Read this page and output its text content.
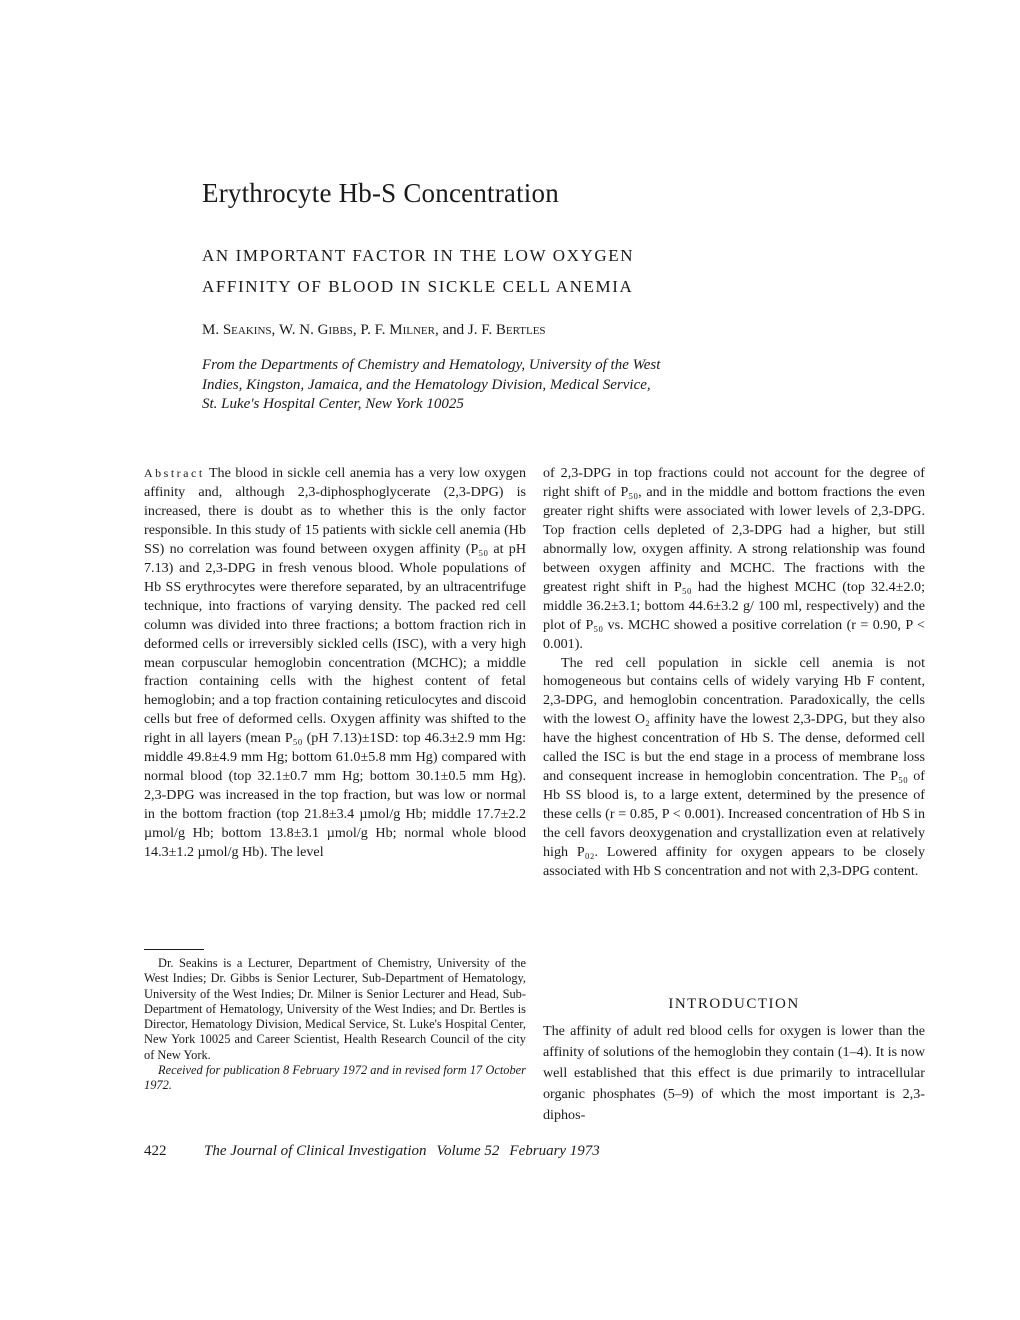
Erythrocyte Hb-S Concentration
AN IMPORTANT FACTOR IN THE LOW OXYGEN
AFFINITY OF BLOOD IN SICKLE CELL ANEMIA

M. Seakins, W. N. Gibbs, P. F. Milner, and J. F. Bertles

From the Departments of Chemistry and Hematology, University of the West
Indies, Kingston, Jamaica, and the Hematology Division, Medical Service,
St. Luke's Hospital Center, New York 10025

Abstract The blood in sickle cell anemia has a very low oxygen affinity and, although 2,3-diphosphoglycerate (2,3-DPG) is increased, there is doubt as to whether this is the only factor responsible. In this study of 15 patients with sickle cell anemia (Hb SS) no correlation was found between oxygen affinity (P₅₀ at pH 7.13) and 2,3-DPG in fresh venous blood. Whole populations of Hb SS erythrocytes were therefore separated, by an ultracentrifuge technique, into fractions of varying density. The packed red cell column was divided into three fractions; a bottom fraction rich in deformed cells or irreversibly sickled cells (ISC), with a very high mean corpuscular hemoglobin concentration (MCHC); a middle fraction containing cells with the highest content of fetal hemoglobin; and a top fraction containing reticulocytes and discoid cells but free of deformed cells. Oxygen affinity was shifted to the right in all layers (mean P₅₀ (pH 7.13)±1SD: top 46.3±2.9 mm Hg: middle 49.8±4.9 mm Hg; bottom 61.0±5.8 mm Hg) compared with normal blood (top 32.1±0.7 mm Hg; bottom 30.1±0.5 mm Hg). 2,3-DPG was increased in the top fraction, but was low or normal in the bottom fraction (top 21.8±3.4 µmol/g Hb; middle 17.7±2.2 µmol/g Hb; bottom 13.8±3.1 µmol/g Hb; normal whole blood 14.3±1.2 µmol/g Hb). The level

Dr. Seakins is a Lecturer, Department of Chemistry, University of the West Indies; Dr. Gibbs is Senior Lecturer, Sub-Department of Hematology, University of the West Indies; Dr. Milner is Senior Lecturer and Head, Sub-Department of Hematology, University of the West Indies; and Dr. Bertles is Director, Hematology Division, Medical Service, St. Luke's Hospital Center, New York 10025 and Career Scientist, Health Research Council of the city of New York.

Received for publication 8 February 1972 and in revised form 17 October 1972.

of 2,3-DPG in top fractions could not account for the degree of right shift of P₅₀, and in the middle and bottom fractions the even greater right shifts were associated with lower levels of 2,3-DPG. Top fraction cells depleted of 2,3-DPG had a higher, but still abnormally low, oxygen affinity. A strong relationship was found between oxygen affinity and MCHC. The fractions with the greatest right shift in P₅₀ had the highest MCHC (top 32.4±2.0; middle 36.2±3.1; bottom 44.6±3.2 g/ 100 ml, respectively) and the plot of P₅₀ vs. MCHC showed a positive correlation (r = 0.90, P < 0.001).

The red cell population in sickle cell anemia is not homogeneous but contains cells of widely varying Hb F content, 2,3-DPG, and hemoglobin concentration. Paradoxically, the cells with the lowest O₂ affinity have the lowest 2,3-DPG, but they also have the highest concentration of Hb S. The dense, deformed cell called the ISC is but the end stage in a process of membrane loss and consequent increase in hemoglobin concentration. The P₅₀ of Hb SS blood is, to a large extent, determined by the presence of these cells (r = 0.85, P < 0.001). Increased concentration of Hb S in the cell favors deoxygenation and crystallization even at relatively high P₀₂. Lowered affinity for oxygen appears to be closely associated with Hb S concentration and not with 2,3-DPG content.

INTRODUCTION

The affinity of adult red blood cells for oxygen is lower than the affinity of solutions of the hemoglobin they contain (1–4). It is now well established that this effect is due primarily to intracellular organic phosphates (5–9) of which the most important is 2,3-diphos-

422	The Journal of Clinical Investigation Volume 52 February 1973
